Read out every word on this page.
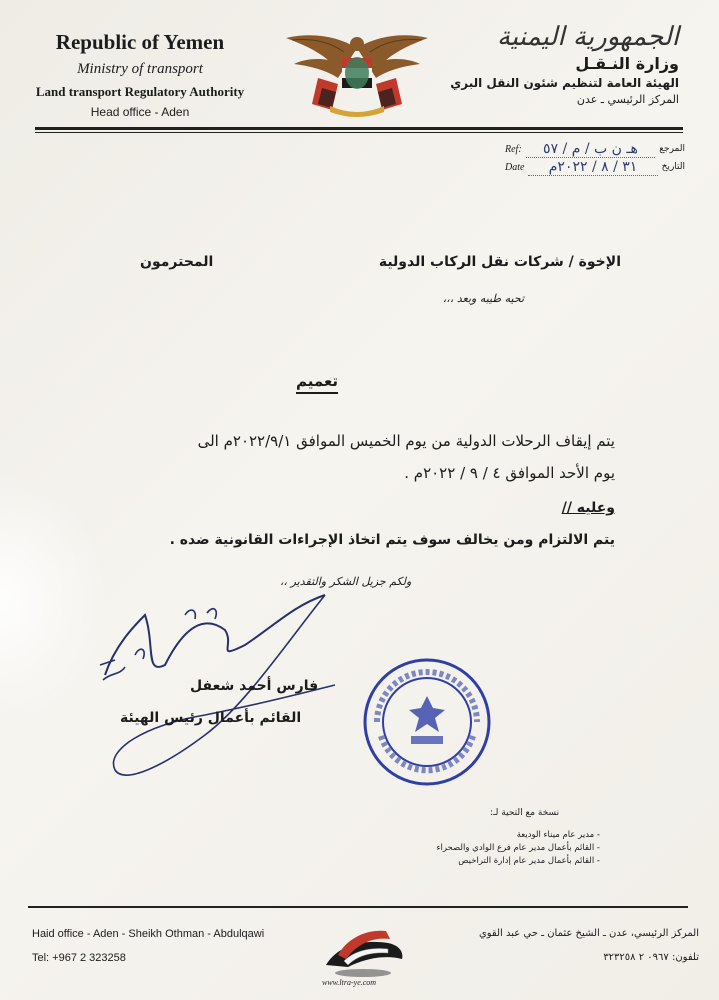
Republic of Yemen
Ministry of transport
Land transport Regulatory Authority
Head office - Aden
الجمهورية اليمنية
وزارة النـقـل
الهيئة العامة لتنظيم شئون النقل البري
المركز الرئيسي ـ عدن
Ref:	هـ ن ب / م / ٥٧	المرجع
Date	٣١ / ٨ / ٢٠٢٢م	التاريخ
الإخوة / شركات نقل الركاب الدولية
المحترمون
تحيه طيبه وبعد ،،،
تعميم
يتم إيقاف الرحلات الدولية من يوم الخميس الموافق ٢٠٢٢/٩/١م الى
يوم الأحد الموافق ٤ / ٩ / ٢٠٢٢م .
وعليه //
يتم الالتزام ومن يخالف سوف يتم اتخاذ الإجراءات القانونية ضده .
ولكم جزيل الشكر والتقدير ،،
فارس أحمد شعفل
القائم بأعمال رئيس الهيئة
نسخة مع التحية لـ:
- مدير عام ميناء الوديعة
- القائم بأعمال مدير عام فرع الوادي والصحراء
- القائم بأعمال مدير عام إدارة التراخيص
Haid office - Aden - Sheikh Othman - Abdulqawi
Tel: +967 2 323258
www.ltra-ye.com
المركز الرئيسي، عدن ـ الشيخ عثمان ـ حي عبد القوي
تلفون: ٠٩٦٧ ٢ ٣٢٣٢٥٨
